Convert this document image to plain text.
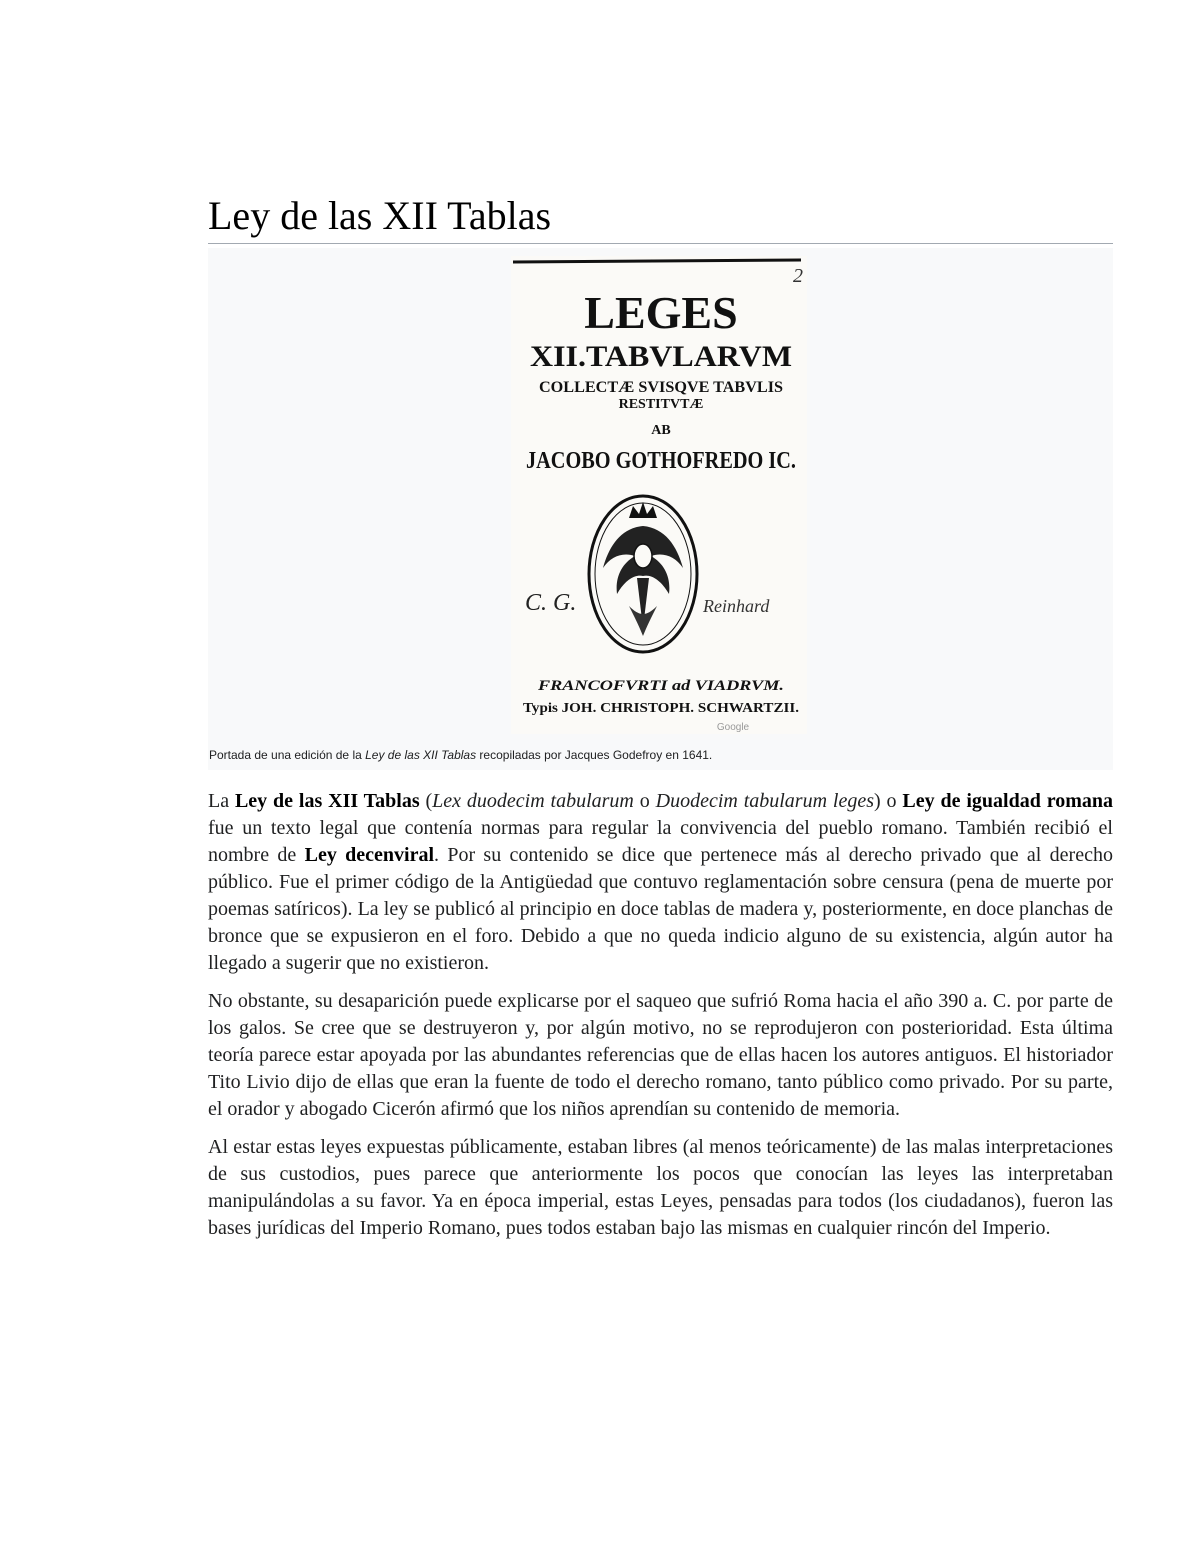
Ley de las XII Tablas
2
LEGES
XII.TABVLARVM
COLLECTÆ SVISQVE TABVLIS
RESTITVTÆ
AB
JACOBO GOTHOFREDO IC.
C. G.	Reinhard
FRANCOFVRTI ad VIADRVM.
Typis JOH. CHRISTOPH. SCHWARTZII.
Google
Portada de una edición de la Ley de las XII Tablas recopiladas por Jacques Godefroy en 1641.

La Ley de las XII Tablas (Lex duodecim tabularum o Duodecim tabularum leges) o Ley de igualdad romana fue un texto legal que contenía normas para regular la convivencia del pueblo romano. También recibió el nombre de Ley decenviral. Por su contenido se dice que pertenece más al derecho privado que al derecho público. Fue el primer código de la Antigüedad que contuvo reglamentación sobre censura (pena de muerte por poemas satíricos). La ley se publicó al principio en doce tablas de madera y, posteriormente, en doce planchas de bronce que se expusieron en el foro. Debido a que no queda indicio alguno de su existencia, algún autor ha llegado a sugerir que no existieron.

No obstante, su desaparición puede explicarse por el saqueo que sufrió Roma hacia el año 390 a. C. por parte de los galos. Se cree que se destruyeron y, por algún motivo, no se reprodujeron con posterioridad. Esta última teoría parece estar apoyada por las abundantes referencias que de ellas hacen los autores antiguos. El historiador Tito Livio dijo de ellas que eran la fuente de todo el derecho romano, tanto público como privado. Por su parte, el orador y abogado Cicerón afirmó que los niños aprendían su contenido de memoria.

Al estar estas leyes expuestas públicamente, estaban libres (al menos teóricamente) de las malas interpretaciones de sus custodios, pues parece que anteriormente los pocos que conocían las leyes las interpretaban manipulándolas a su favor. Ya en época imperial, estas Leyes, pensadas para todos (los ciudadanos), fueron las bases jurídicas del Imperio Romano, pues todos estaban bajo las mismas en cualquier rincón del Imperio.
